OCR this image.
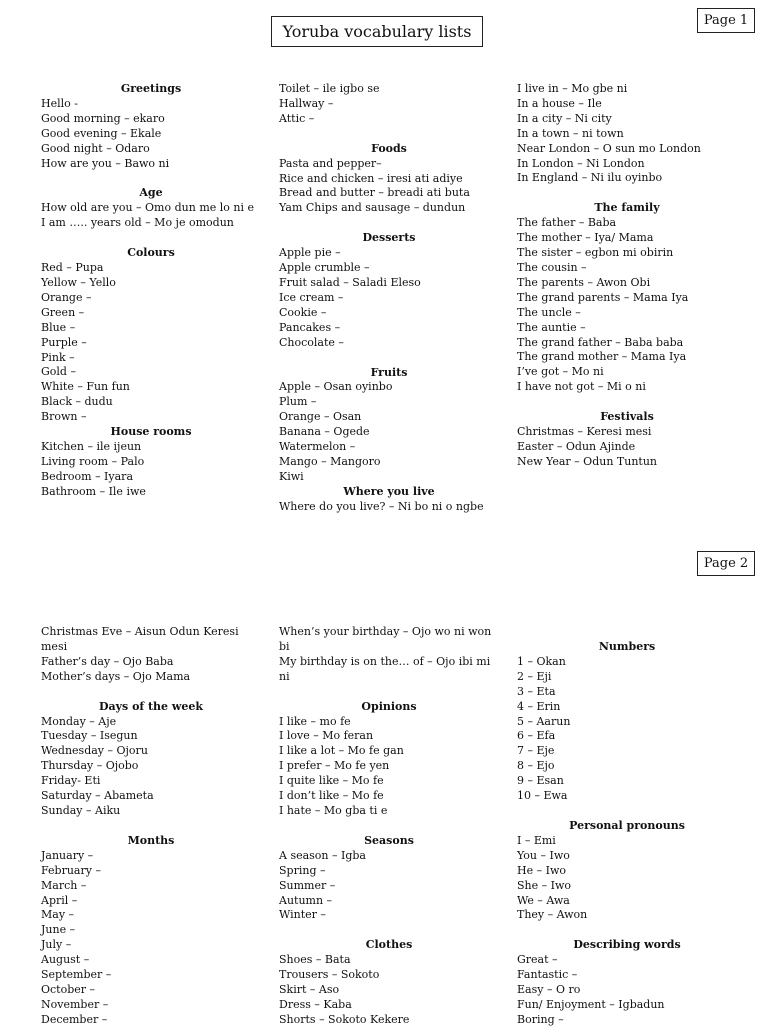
Yoruba vocabulary lists
Page 1
Page 2
Greetings
Hello -
Good morning – ekaro
Good evening – Ekale
Good night – Odaro
How are you – Bawo ni
Age
How old are you – Omo dun me lo ni e
I am ….. years old – Mo je omodun
Colours
Red – Pupa
Yellow – Yello
Orange –
Green –
Blue –
Purple –
Pink –
Gold –
White – Fun fun
Black – dudu
Brown –
House rooms
Kitchen – ile ijeun
Living room – Palo
Bedroom – Iyara
Bathroom – Ile iwe
Toilet – ile igbo se
Hallway –
Attic –
Foods
Pasta and pepper–
Rice and chicken – iresi ati adiye
Bread and butter – breadi ati buta
Yam Chips and sausage – dundun
Desserts
Apple pie –
Apple crumble –
Fruit salad – Saladi Eleso
Ice cream –
Cookie –
Pancakes –
Chocolate –
Fruits
Apple – Osan oyinbo
Plum –
Orange – Osan
Banana – Ogede
Watermelon –
Mango – Mangoro
Kiwi
Where you live
Where do you live? – Ni bo ni o ngbe
I live in – Mo gbe ni
In a house – Ile
In a city – Ni city
In a town – ni town
Near London – O sun mo London
In London – Ni London
In England – Ni ilu oyinbo
The family
The father – Baba
The mother – Iya/ Mama
The sister – egbon mi obirin
The cousin –
The parents – Awon Obi
The grand parents – Mama Iya
The uncle –
The auntie –
The grand father – Baba baba
The grand mother – Mama Iya
I’ve got – Mo ni
I have not got – Mi o ni
Festivals
Christmas – Keresi mesi
Easter – Odun Ajinde
New Year – Odun Tuntun
Christmas Eve – Aisun Odun Keresi mesi
Father’s day – Ojo Baba
Mother’s days – Ojo Mama
Days of the week
Monday – Aje
Tuesday – Isegun
Wednesday – Ojoru
Thursday – Ojobo
Friday- Eti
Saturday – Abameta
Sunday – Aiku
Months
January –
February –
March –
April –
May –
June –
July –
August –
September –
October –
November –
December –
When’s your birthday – Ojo wo ni won bi
My birthday is on the… of – Ojo ibi mi ni
Opinions
I like – mo fe
I love – Mo feran
I like a lot – Mo fe gan
I prefer – Mo fe yen
I quite like – Mo fe
I don’t like – Mo fe
I hate – Mo gba ti e
Seasons
A season – Igba
Spring –
Summer –
Autumn –
Winter –
Clothes
Shoes – Bata
Trousers – Sokoto
Skirt – Aso
Dress – Kaba
Shorts – Sokoto Kekere
Numbers
1 – Okan
2 – Eji
3 – Eta
4 – Erin
5 – Aarun
6 – Efa
7 – Eje
8 – Ejo
9 – Esan
10 – Ewa
Personal pronouns
I – Emi
You – Iwo
He – Iwo
She – Iwo
We – Awa
They – Awon
Describing words
Great –
Fantastic –
Easy – O ro
Fun/ Enjoyment – Igbadun
Boring –
